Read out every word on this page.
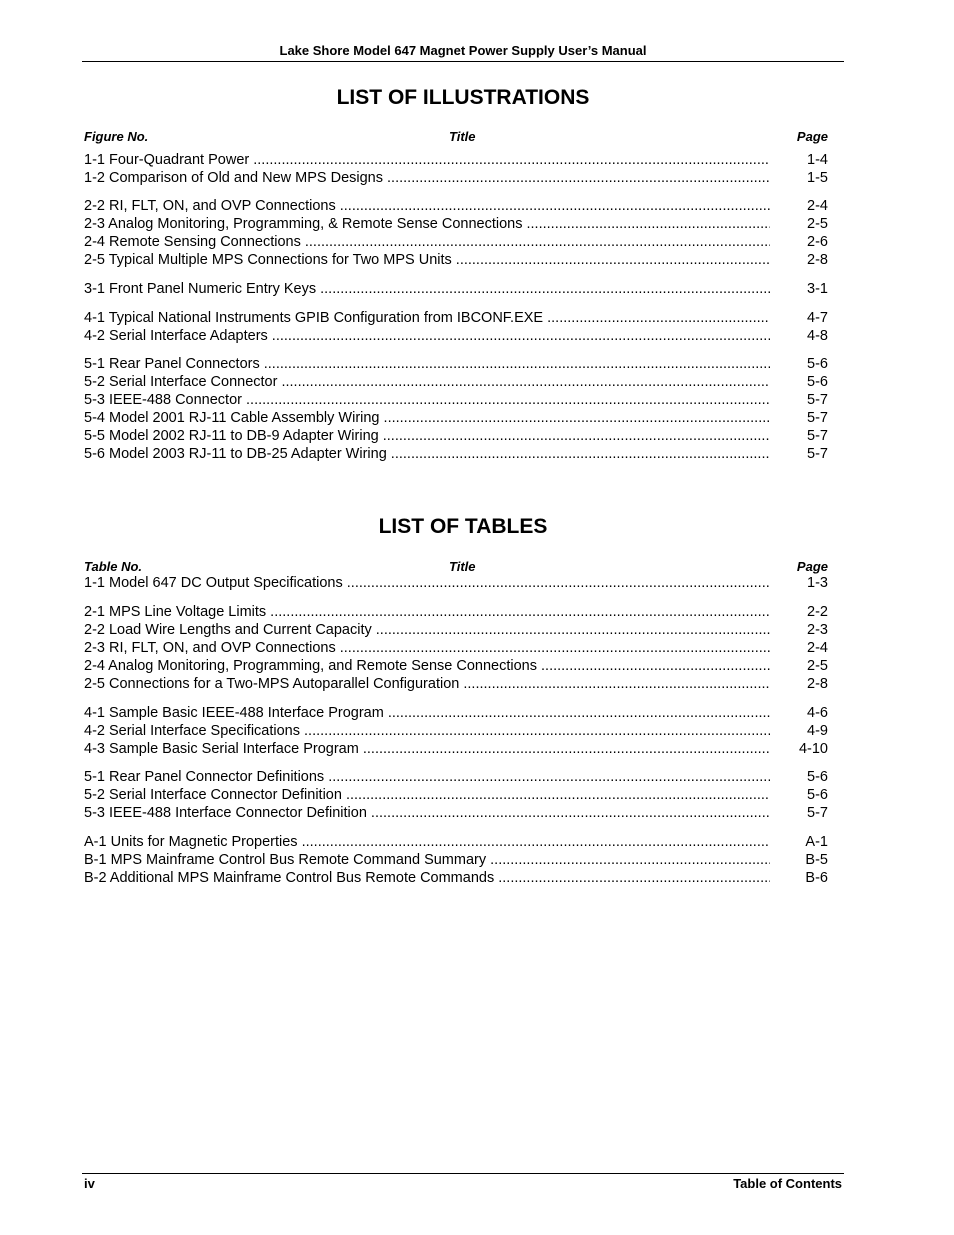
Lake Shore Model 647 Magnet Power Supply User’s Manual
LIST OF ILLUSTRATIONS
Figure No.	Title	Page
1-1 Four-Quadrant Power .....	1-4
1-2 Comparison of Old and New MPS Designs .....	1-5
2-2 RI, FLT, ON, and OVP Connections .....	2-4
2-3 Analog Monitoring, Programming, & Remote Sense Connections .....	2-5
2-4 Remote Sensing Connections .....	2-6
2-5 Typical Multiple MPS Connections for Two MPS Units .....	2-8
3-1 Front Panel Numeric Entry Keys .....	3-1
4-1 Typical National Instruments GPIB Configuration from IBCONF.EXE .....	4-7
4-2 Serial Interface Adapters .....	4-8
5-1 Rear Panel Connectors .....	5-6
5-2 Serial Interface Connector .....	5-6
5-3 IEEE-488 Connector .....	5-7
5-4 Model 2001 RJ-11 Cable Assembly Wiring .....	5-7
5-5 Model 2002 RJ-11 to DB-9 Adapter Wiring .....	5-7
5-6 Model 2003 RJ-11 to DB-25 Adapter Wiring .....	5-7
LIST OF TABLES
Table No.	Title	Page
1-1 Model 647 DC Output Specifications .....	1-3
2-1 MPS Line Voltage Limits .....	2-2
2-2 Load Wire Lengths and Current Capacity .....	2-3
2-3 RI, FLT, ON, and OVP Connections .....	2-4
2-4 Analog Monitoring, Programming, and Remote Sense Connections .....	2-5
2-5 Connections for a Two-MPS Autoparallel Configuration .....	2-8
4-1 Sample Basic IEEE-488 Interface Program .....	4-6
4-2 Serial Interface Specifications .....	4-9
4-3 Sample Basic Serial Interface Program .....	4-10
5-1 Rear Panel Connector Definitions .....	5-6
5-2 Serial Interface Connector Definition .....	5-6
5-3 IEEE-488 Interface Connector Definition .....	5-7
A-1 Units for Magnetic Properties .....	A-1
B-1 MPS Mainframe Control Bus Remote Command Summary .....	B-5
B-2 Additional MPS Mainframe Control Bus Remote Commands .....	B-6
iv	Table of Contents
